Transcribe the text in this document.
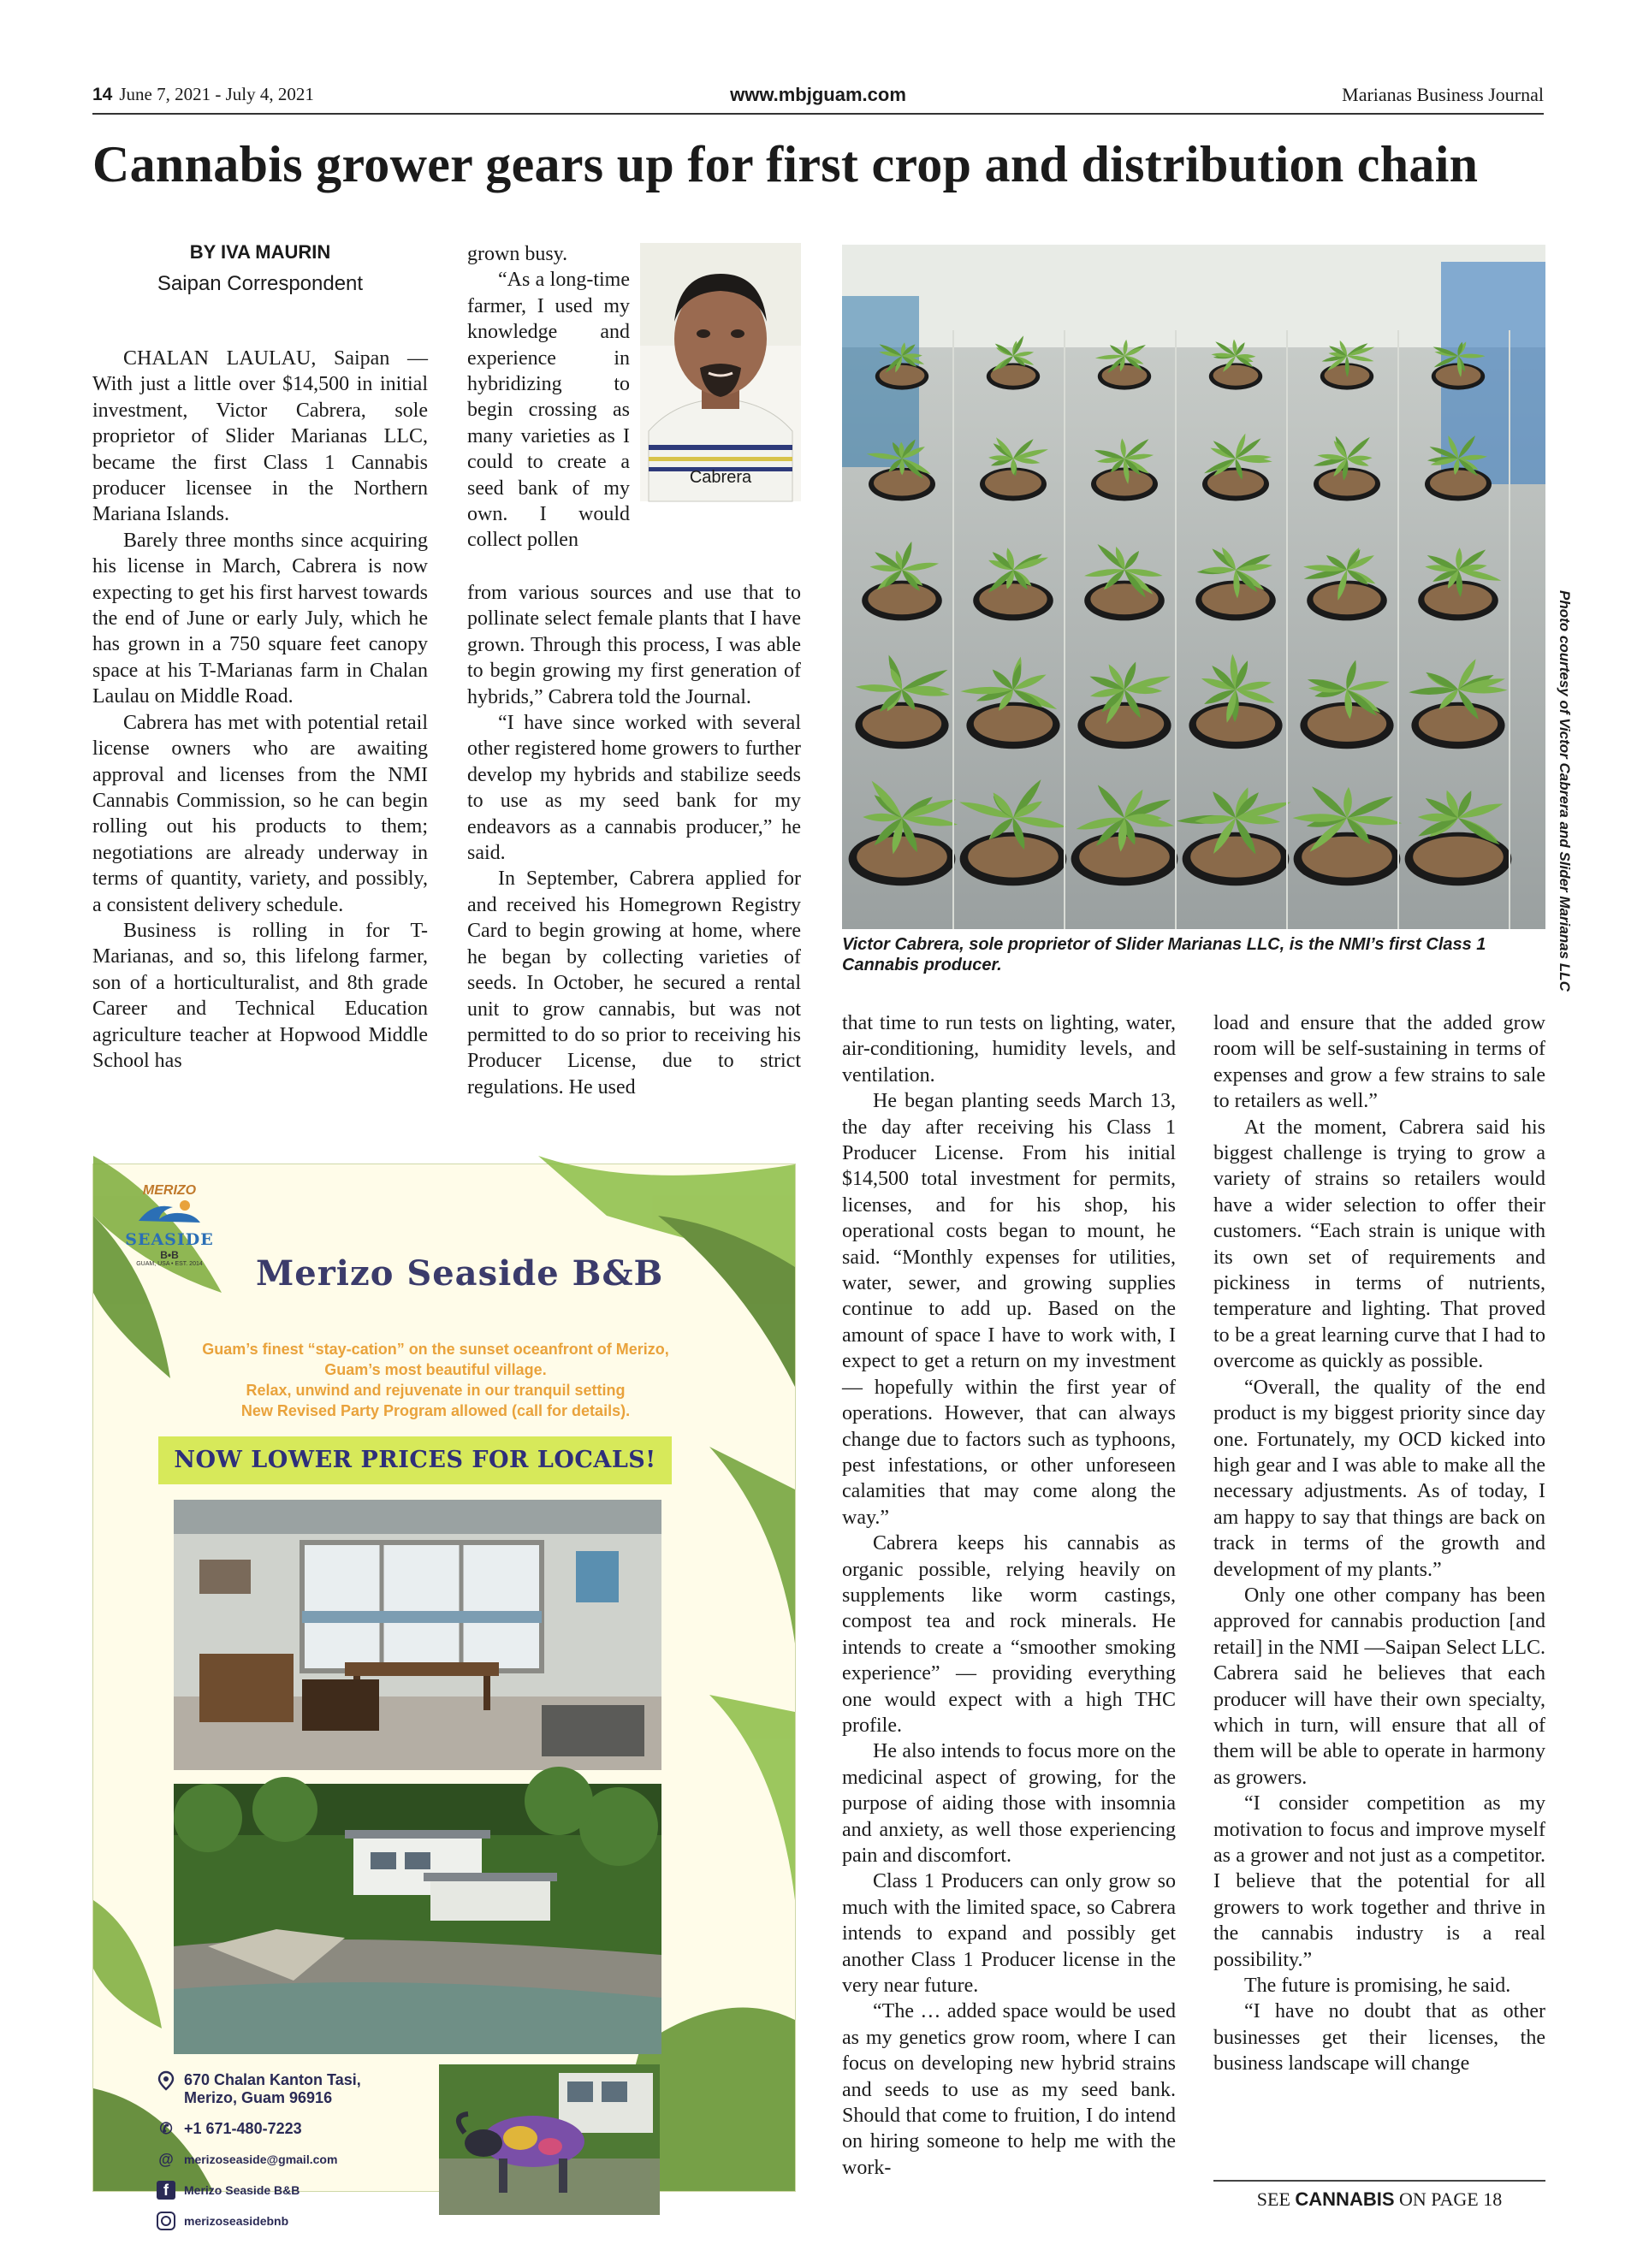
14 June 7, 2021 - July 4, 2021	www.mbjguam.com	Marianas Business Journal
Cannabis grower gears up for first crop and distribution chain
BY IVA MAURIN
Saipan Correspondent

CHALAN LAULAU, Saipan —With just a little over $14,500 in initial investment, Victor Cabrera, sole proprietor of Slider Marianas LLC, became the first Class 1 Cannabis producer licensee in the Northern Mariana Islands.

Barely three months since acquiring his license in March, Cabrera is now expecting to get his first harvest towards the end of June or early July, which he has grown in a 750 square feet canopy space at his T-Marianas farm in Chalan Laulau on Middle Road.

Cabrera has met with potential retail license owners who are awaiting approval and licenses from the NMI Cannabis Commission, so he can begin rolling out his products to them; negotiations are already underway in terms of quantity, variety, and possibly, a consistent delivery schedule.

Business is rolling in for T-Marianas, and so, this lifelong farmer, son of a horticulturalist, and 8th grade Career and Technical Education agriculture teacher at Hopwood Middle School has

grown busy.

“As a long-time farmer, I used my knowledge and experience in hybridizing to begin crossing as many varieties as I could to create a seed bank of my own. I would collect pollen

Cabrera

from various sources and use that to pollinate select female plants that I have grown. Through this process, I was able to begin growing my first generation of hybrids,” Cabrera told the Journal.

“I have since worked with several other registered home growers to further develop my hybrids and stabilize seeds to use as my seed bank for my endeavors as a cannabis producer,” he said.

In September, Cabrera applied for and received his Homegrown Registry Card to begin growing at home, where he began by collecting varieties of seeds. In October, he secured a rental unit to grow cannabis, but was not permitted to do so prior to receiving his Producer License, due to strict regulations. He used

Photo courtesy of Victor Cabrera and Slider Marianas LLC
Victor Cabrera, sole proprietor of Slider Marianas LLC, is the NMI’s first Class 1 Cannabis producer.

that time to run tests on lighting, water, air-conditioning, humidity levels, and ventilation.

He began planting seeds March 13, the day after receiving his Class 1 Producer License. From his initial $14,500 total investment for permits, licenses, and for his shop, his operational costs began to mount, he said. “Monthly expenses for utilities, water, sewer, and growing supplies continue to add up. Based on the amount of space I have to work with, I expect to get a return on my investment — hopefully within the first year of operations. However, that can always change due to factors such as typhoons, pest infestations, or other unforeseen calamities that may come along the way.”

Cabrera keeps his cannabis as organic possible, relying heavily on supplements like worm castings, compost tea and rock minerals. He intends to create a “smoother smoking experience” — providing everything one would expect with a high THC profile.

He also intends to focus more on the medicinal aspect of growing, for the purpose of aiding those with insomnia and anxiety, as well those experiencing pain and discomfort.

Class 1 Producers can only grow so much with the limited space, so Cabrera intends to expand and possibly get another Class 1 Producer license in the very near future.

“The … added space would be used as my genetics grow room, where I can focus on developing new hybrid strains and seeds to use as my seed bank. Should that come to fruition, I do intend on hiring someone to help me with the work-

load and ensure that the added grow room will be self-sustaining in terms of expenses and grow a few strains to sale to retailers as well.”

At the moment, Cabrera said his biggest challenge is trying to grow a variety of strains so retailers would have a wider selection to offer their customers. “Each strain is unique with its own set of requirements and pickiness in terms of nutrients, temperature and lighting. That proved to be a great learning curve that I had to overcome as quickly as possible.

“Overall, the quality of the end product is my biggest priority since day one. Fortunately, my OCD kicked into high gear and I was able to make all the necessary adjustments. As of today, I am happy to say that things are back on track in terms of the growth and development of my plants.”

Only one other company has been approved for cannabis production [and retail] in the NMI —Saipan Select LLC. Cabrera said he believes that each producer will have their own specialty, which in turn, will ensure that all of them will be able to operate in harmony as growers.

“I consider competition as my motivation to focus and improve myself as a grower and not just as a competitor. I believe that the potential for all growers to work together and thrive in the cannabis industry is a real possibility.”

The future is promising, he said.

“I have no doubt that as other businesses get their licenses, the business landscape will change

SEE CANNABIS ON PAGE 18
MERIZO
SEASIDE
B•B
GUAM, USA • EST. 2014	Merizo Seaside B&B
Guam’s finest “stay-cation” on the sunset oceanfront of Merizo,
Guam’s most beautiful village.
Relax, unwind and rejuvenate in our tranquil setting
New Revised Party Program allowed (call for details).
NOW LOWER PRICES FOR LOCALS!
670 Chalan Kanton Tasi,
Merizo, Guam 96916
✆ +1 671-480-7223
@ merizoseaside@gmail.com
f	Merizo Seaside B&B
merizoseasidebnb
